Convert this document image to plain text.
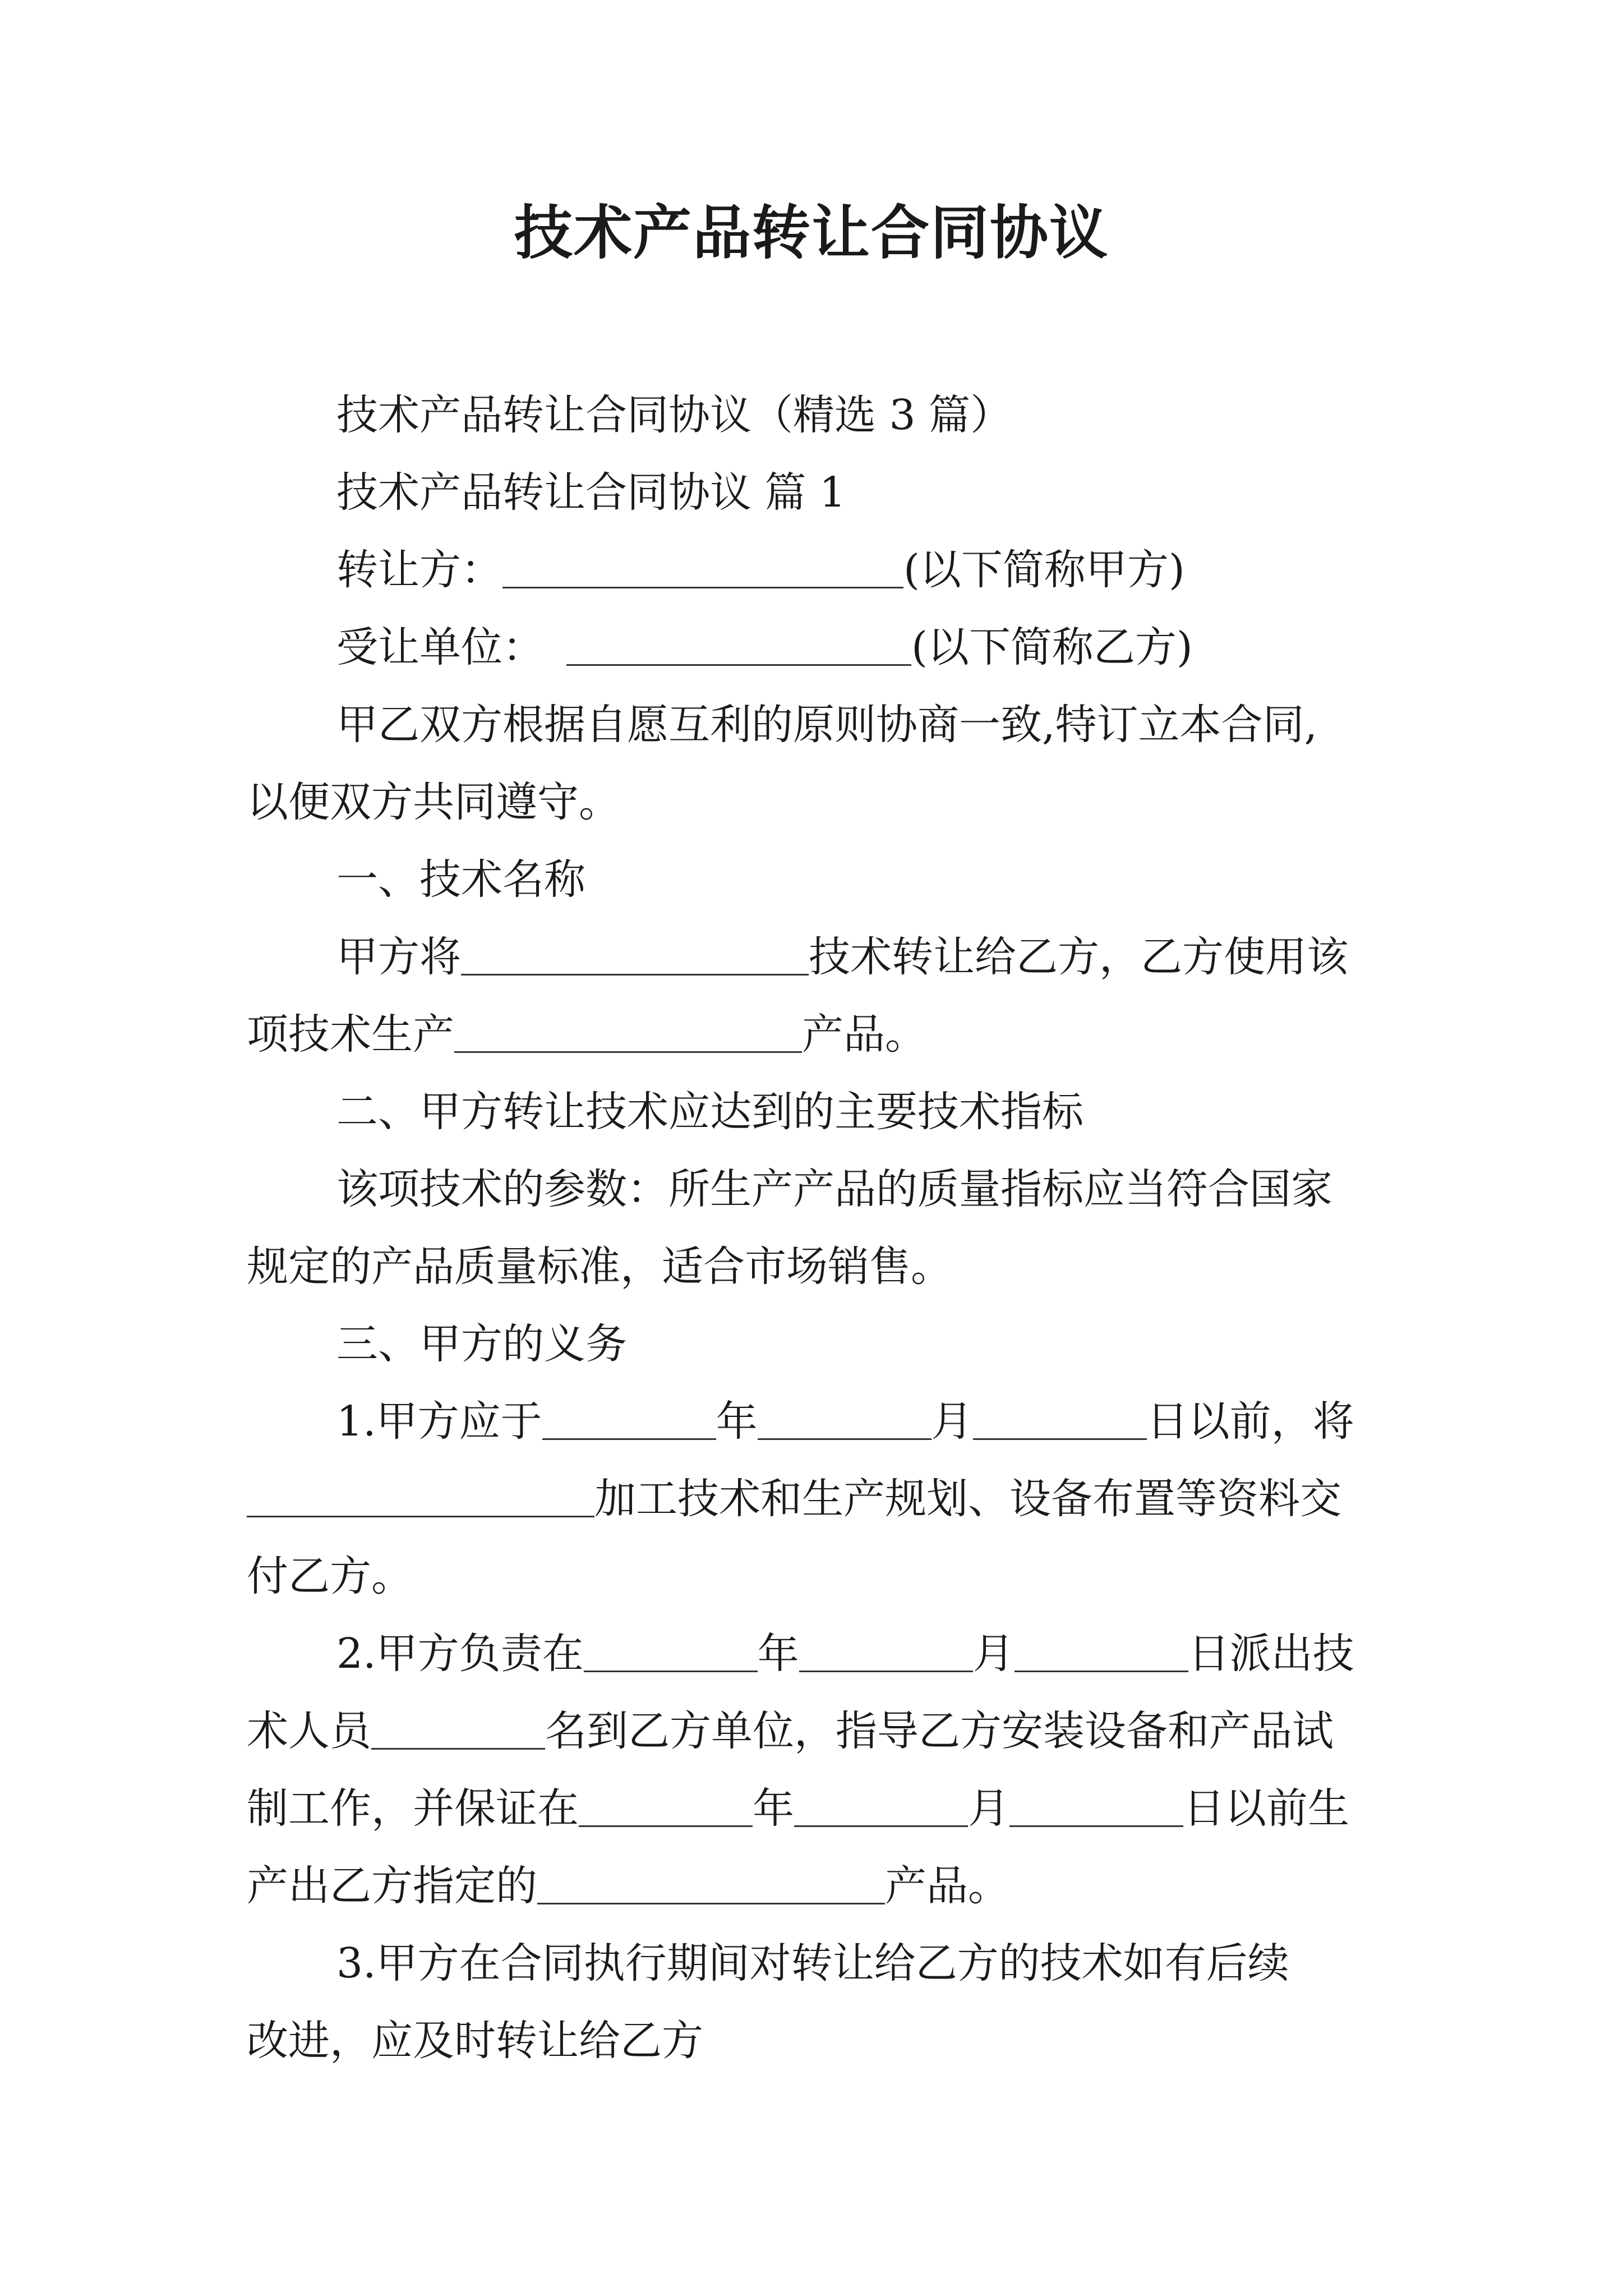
技术产品转让合同协议
技术产品转让合同协议（精选 3 篇）
技术产品转让合同协议 篇 1
转让方：	(以下简称甲方)
受让单位：	(以下简称乙方)
甲乙双方根据自愿互利的原则协商一致,特订立本合同,
以便双方共同遵守。
一、技术名称
甲方将	技术转让给乙方，乙方使用该
项技术生产	产品。
二、甲方转让技术应达到的主要技术指标
该项技术的参数：所生产产品的质量指标应当符合国家
规定的产品质量标准，适合市场销售。
三、甲方的义务
1.甲方应于	年	月	日以前，将
加工技术和生产规划、设备布置等资料交
付乙方。
2.甲方负责在	年	月	日派出技
术人员	名到乙方单位，指导乙方安装设备和产品试
制工作，并保证在	年	月	日以前生
产出乙方指定的	产品。
3.甲方在合同执行期间对转让给乙方的技术如有后续
改进，应及时转让给乙方
